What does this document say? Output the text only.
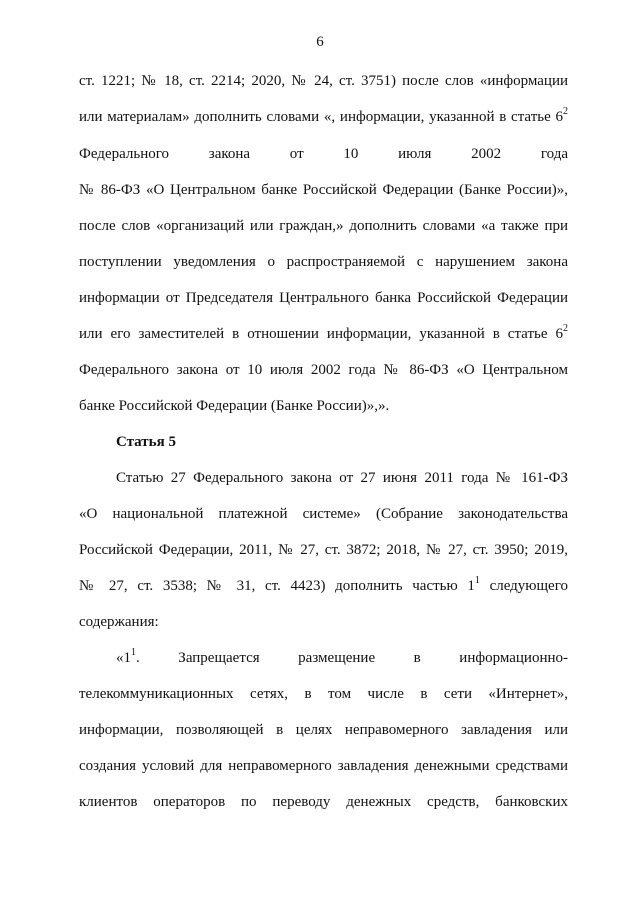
6
ст. 1221; № 18, ст. 2214; 2020, № 24, ст. 3751) после слов «информации
или материалам» дополнить словами «, информации, указанной в статье $6^2$
Федерального	закона	от	10	июля	2002	года
№ 86-ФЗ «О Центральном банке Российской Федерации (Банке России)»,
после слов «организаций или граждан,» дополнить словами «а также при
поступлении уведомления о распространяемой с нарушением закона
информации от Председателя Центрального банка Российской Федерации
или его заместителей в отношении информации, указанной в статье $6^2$
Федерального закона от 10 июля 2002 года № 86-ФЗ «О Центральном
банке Российской Федерации (Банке России)»,».
Статья 5
Статью 27 Федерального закона от 27 июня 2011 года № 161-ФЗ
«О национальной платежной системе» (Собрание законодательства
Российской Федерации, 2011, № 27, ст. 3872; 2018, № 27, ст. 3950; 2019,
№ 27, ст. 3538; № 31, ст. 4423) дополнить частью $1^1$ следующего
содержания:
«$1^1$. Запрещается размещение в информационно-
телекоммуникационных сетях, в том числе в сети «Интернет»,
информации, позволяющей в целях неправомерного завладения или
создания условий для неправомерного завладения денежными средствами
клиентов операторов по переводу денежных средств, банковских
